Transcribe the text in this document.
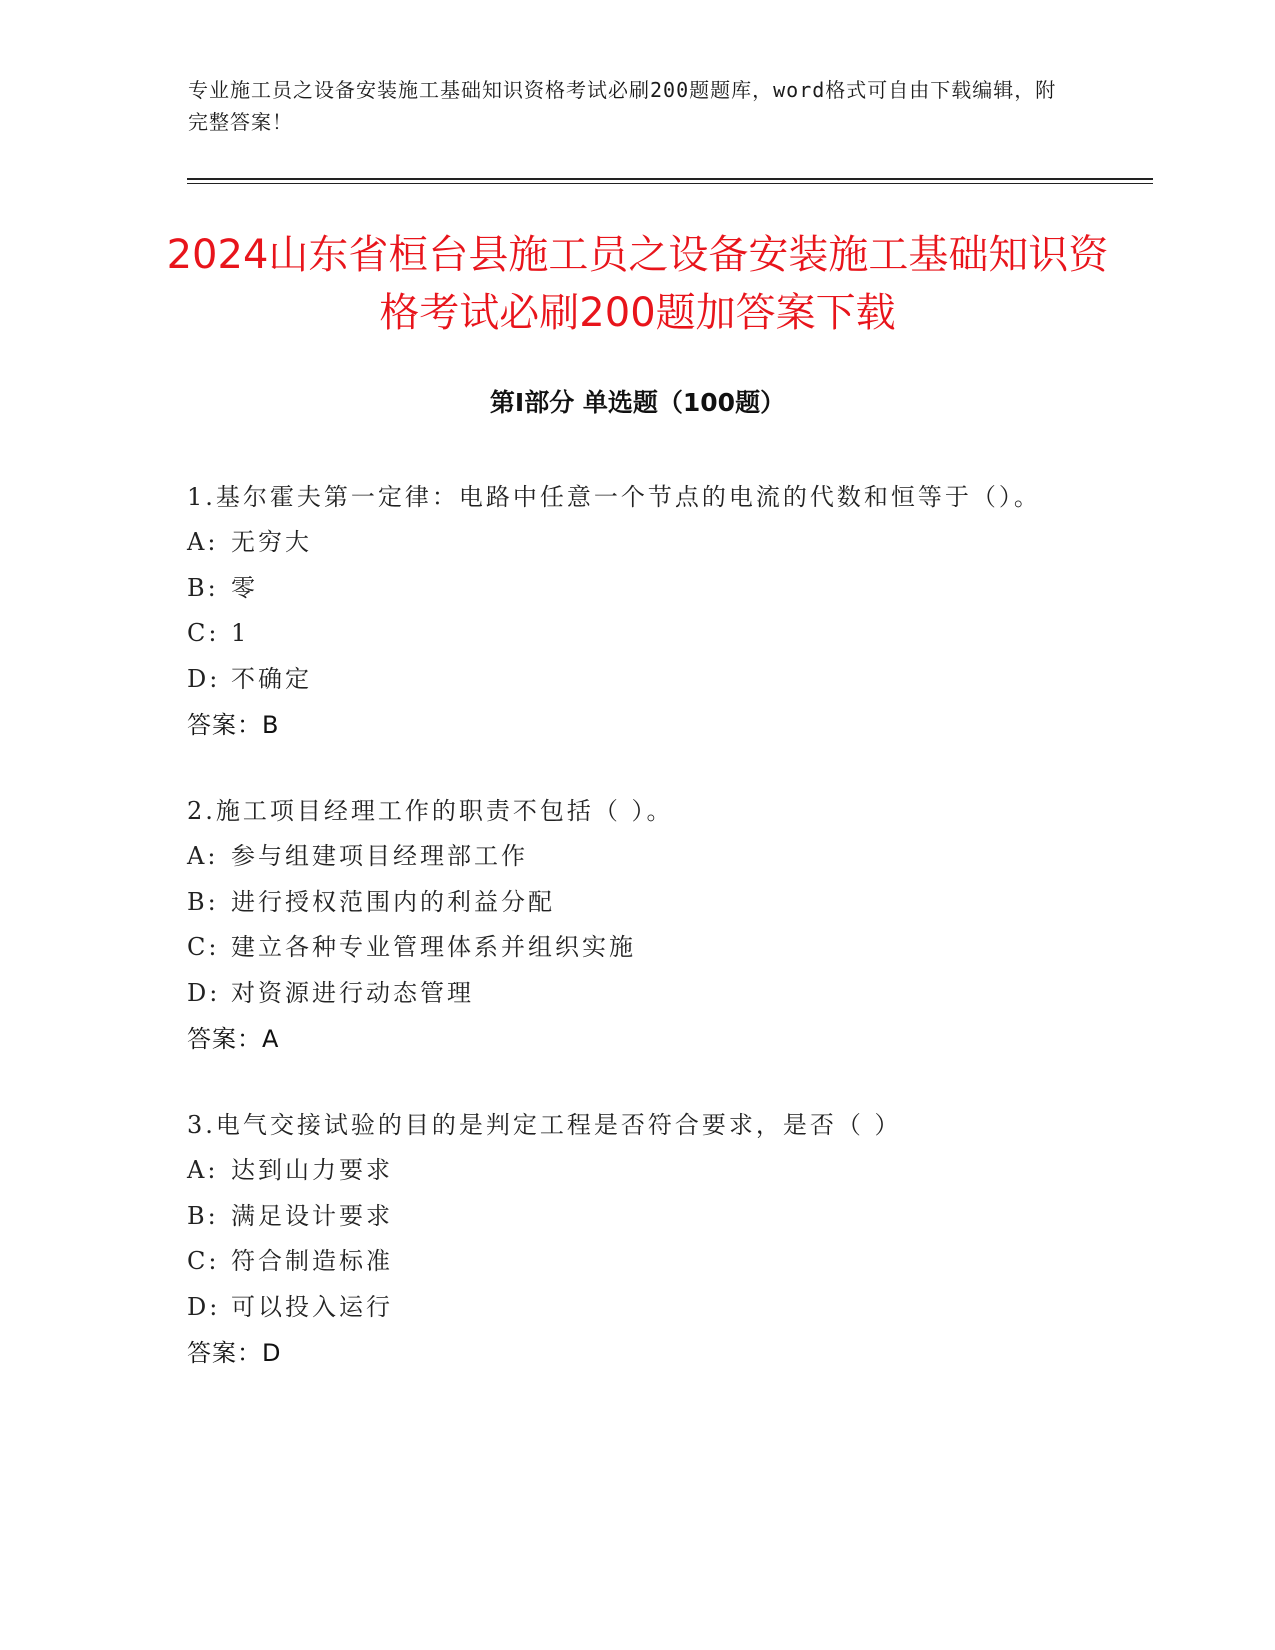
专业施工员之设备安装施工基础知识资格考试必刷200题题库，word格式可自由下载编辑，附完整答案！
2024山东省桓台县施工员之设备安装施工基础知识资格考试必刷200题加答案下载
第Ⅰ部分 单选题（100题）
1.基尔霍夫第一定律：电路中任意一个节点的电流的代数和恒等于（）。
A: 无穷大
B: 零
C: 1
D: 不确定
答案：B
2.施工项目经理工作的职责不包括（ ）。
A: 参与组建项目经理部工作
B: 进行授权范围内的利益分配
C: 建立各种专业管理体系并组织实施
D: 对资源进行动态管理
答案：A
3.电气交接试验的目的是判定工程是否符合要求，是否（ ）
A: 达到山力要求
B: 满足设计要求
C: 符合制造标准
D: 可以投入运行
答案：D
